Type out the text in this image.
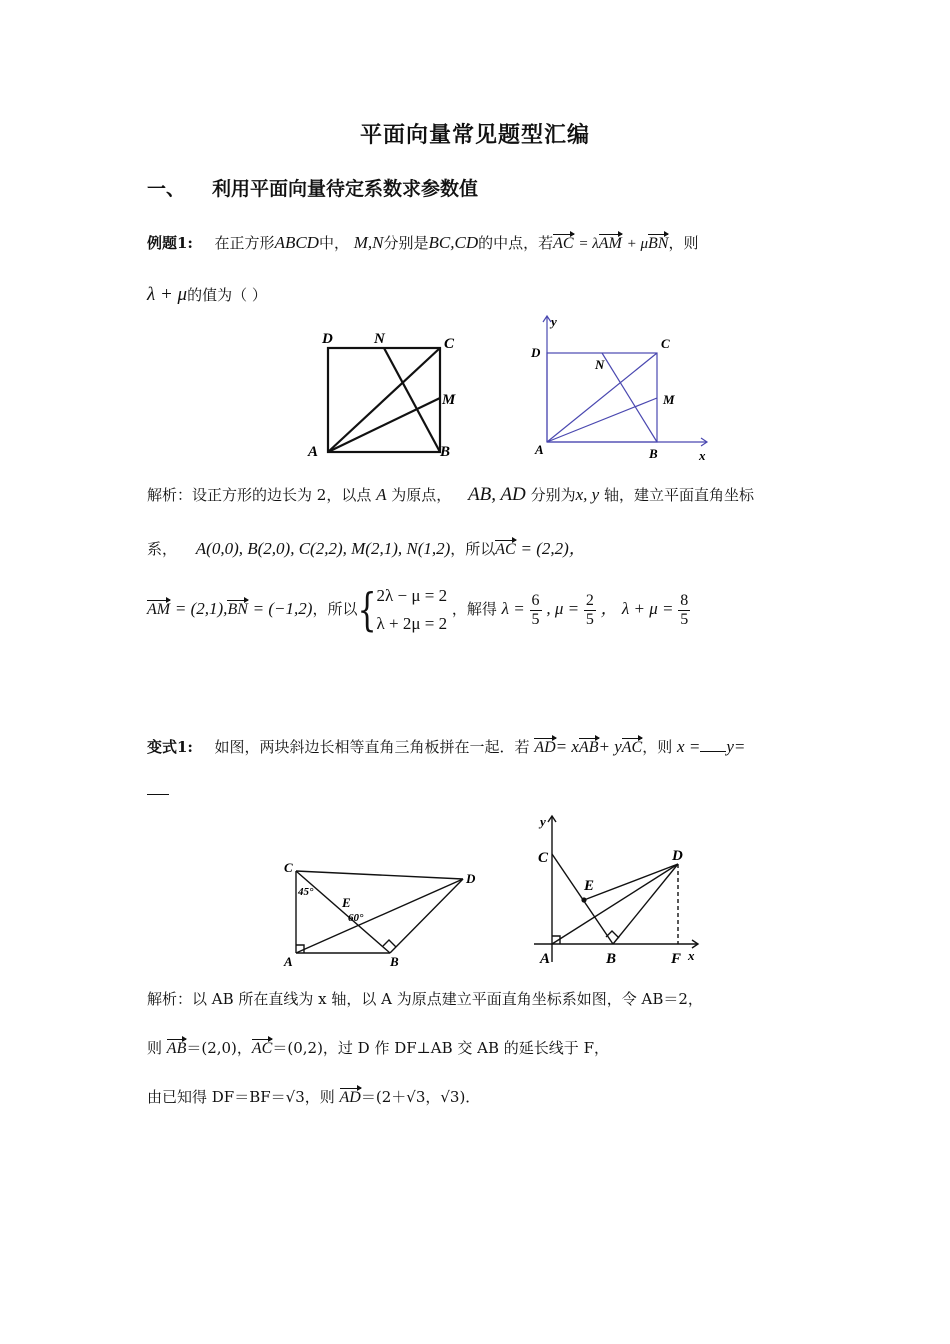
平面向量常见题型汇编
一、 利用平面向量待定系数求参数值
例题1: 在正方形ABCD中， M,N分别是BC,CD的中点，若AC = λAM + μBN，则
λ + μ的值为（ ）
D	N	C
M
A	B
y
D
N
C
M
A	B	x
解析：设正方形的边长为 2，以点 A 为原点， AB, AD 分别为x, y 轴，建立平面直角坐标
系， A(0,0), B(2,0), C(2,2), M(2,1), N(1,2)，所以AC = (2,2)，
AM = (2,1),BN = (−1,2)，所以{ 2λ − μ = 2
λ + 2μ = 2
，解得 $\lambda = \frac{6}{5}$ , $\mu = \frac{2}{5}$ ， $\lambda + \mu = \frac{8}{5}$
变式1: 如图，两块斜边长相等直角三角板拼在一起．若 AD= xAB+ yAC，则 x = y=
C
45°
E
60°
D
A	B
y
C
E
D
A	B	F x
解析：以 AB 所在直线为 x 轴，以 A 为原点建立平面直角坐标系如图，令 AB＝2，
则 AB＝(2,0)，AC＝(0,2)，过 D 作 DF⊥AB 交 AB 的延长线于 F，
由已知得 DF＝BF＝√3，则 AD＝(2＋√3，√3)．
